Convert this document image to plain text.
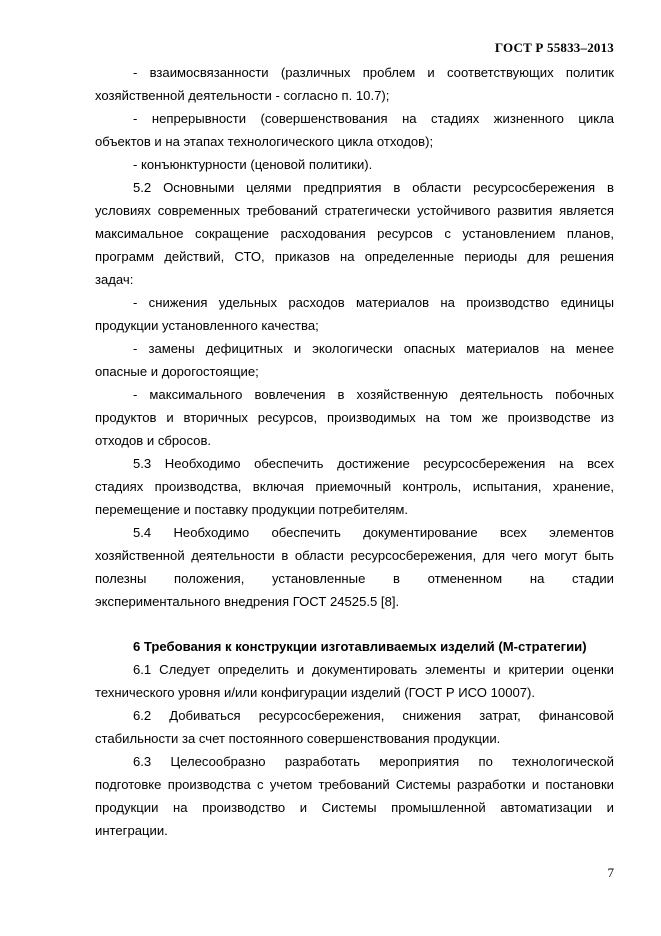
ГОСТ Р 55833–2013
- взаимосвязанности (различных проблем и соответствующих политик
хозяйственной деятельности - согласно п. 10.7);
- непрерывности (совершенствования на стадиях жизненного цикла
объектов и на этапах технологического цикла отходов);
- конъюнктурности (ценовой политики).
5.2 Основными целями предприятия в области ресурсосбережения в
условиях современных требований стратегически устойчивого развития является
максимальное сокращение расходования ресурсов с установлением планов,
программ действий, СТО, приказов на определенные периоды для решения
задач:
- снижения удельных расходов материалов на производство единицы
продукции установленного качества;
- замены дефицитных и экологически опасных материалов на менее
опасные и дорогостоящие;
- максимального вовлечения в хозяйственную деятельность побочных
продуктов и вторичных ресурсов, производимых на том же производстве из
отходов и сбросов.
5.3 Необходимо обеспечить достижение ресурсосбережения на всех
стадиях производства, включая приемочный контроль, испытания, хранение,
перемещение и поставку продукции потребителям.
5.4 Необходимо обеспечить документирование всех элементов
хозяйственной деятельности в области ресурсосбережения, для чего могут быть
полезны положения, установленные в отмененном на стадии
экспериментального внедрения ГОСТ 24525.5 [8].
6 Требования к конструкции изготавливаемых изделий (М-стратегии)
6.1 Следует определить и документировать элементы и критерии оценки
технического уровня и/или конфигурации изделий (ГОСТ Р ИСО 10007).
6.2 Добиваться ресурсосбережения, снижения затрат, финансовой
стабильности за счет постоянного совершенствования продукции.
6.3 Целесообразно разработать мероприятия по технологической
подготовке производства с учетом требований Системы разработки и постановки
продукции на производство и Системы промышленной автоматизации и
интеграции.
7
